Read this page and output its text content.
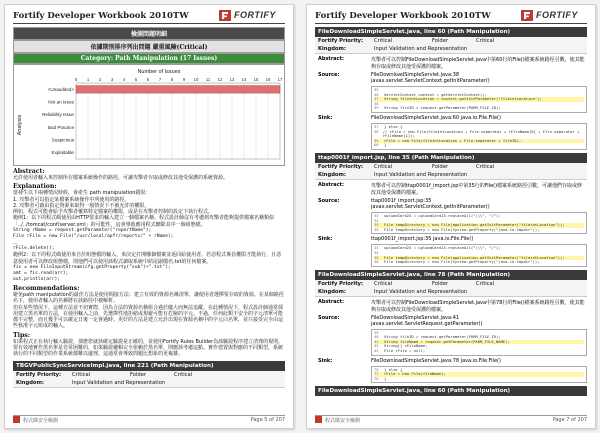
Fortify Developer Workbook 2010TW	FORTIFY
檢測問題明細
依據期別排序列出問題 嚴重風險(Critical)
Category: Path Manipulation (17 Issues)
Number of Issues
Analysis
0 1 2 3 4 5 6 7 8 9 10 11 12 13 14 15 16 17
<Unaudited>
Not an Issue
Reliability Issue
Bad Practice
Suspicious
Exploitable
Abstract:
允許使用者輸入來控制所在檔案系統操作的路徑，可讓攻擊者存取或修改其他受保護的系統資源。
Explanation:
當發生以下兩種情況時候，會產生 path manipulation錯誤：
1. 攻擊者可以指定某檔案系統操作中所使用的路徑。
2. 攻擊者可藉由指定資源來取得一般情況下不被允許的權限。
例如，程式可能會給予攻擊者覆寫特定檔案的權限，或是在攻擊者控制的設定下執行程式。
範例1：以下的程式碼使用由HTTP要求的輸入建立一個檔案名稱。程式設計師沒有考慮到攻擊者能夠提供檔案名稱類似「../../tomcat/conf/server.xml」的可能性，這會導致應用程式刪除其中一個組態檔。
String rName = request.getParameter("reportName");
File rFile = new File("/usr/local/apfr/reports/" + rName);
...
rFile.delete();
範例2：以下的程式碼使用來自於組態檔的輸入，來決定打開哪個檔案並返回給使用者。若惡程式專員權限才能執行，且惡意使用者可以修改組態檔，則他們可以使用該程式讀取系統中結尾副檔名.txt的任何檔案。
fis = new FileInputStream(cfg.getProperty("sub")+".txt");
amt = fis.read(arr);
out.println(arr);
Recommendations:
避免path manipulation的最佳方法是使用間接方法：建立有效的資源名稱清單，讓使用者選擇要存取的資源。在某個路徑名下，使用者輸入的名稱將在該路徑中被解析。
但在某些情況下，這種方法並不切實際，因為合法的資源名稱組合過於龐大而無法追蹤。在此種情況下，程式設計師通常採用建立黑名單的方法，在使用輸入之前，先選擇性地拒絕或規避可能有危險的字元。不過，任何此類不安全的字元清單可能都不完整，而且幾乎可以確定日後一定會過時。更好的方法是建立允許出現在資源名稱中的字元白名單，並只接受完全由這些核准字元組成的輸入。
Tips:
如果程式正在執行輸入驗證，那麼您就該確定驗證是正確的，並使用Fortify Rules Builder為該驗證程序建立清理的規則。
要有效地實作黑名單是非常困難的，如果驗證邏輯完全依賴於黑名單，則應該考慮這點。實作建置與對應的不同類型，系統執行的不同類型的作業系統都難以處理。這通常會導致問題比想象的更複雜。
TBGVPublicSyncServiceImpl.java, line 221 (Path Manipulation)
Fortify Priority:	Critical	Folder	Critical
Kingdom:	Input Validation and Representation
程式碼安全檢測	Page 5 of 207
Fortify Developer Workbook 2010TW	FORTIFY
FileDownloadSimpleServlet.java, line 60 (Path Manipulation)
Fortify Priority:	Critical	Folder	Critical
Kingdom:	Input Validation and Representation
Abstract:	攻擊者可以控制FileDownloadSimpleServlet.java中第60行的File()檔案系統路徑引數，使其能夠存取或修改其他受保護的檔案。
Source:	FileDownloadSimpleServlet.java:38
javax.servlet.ServletContext.getInitParameter()
35
36	ServletContext context = getServletContext();
37	String fileintLocation = context.getInitParameter("fileintLocation");
38
39	String fileID = request.getParameter(PARM_FILE_ID);
Sink:	FileDownloadSimpleServlet.java:60 java.io.File.File()
57	} else {
58	// rFile = new File(fileintLocation + File.separator + rFileName[0] + File.separator + rFileName[1]);
59	rFile = new File(fileintLocation + File.separator + fileID);
60	}
ttap0001f_import.jsp, line 35 (Path Manipulation)
Fortify Priority:	Critical	Folder	Critical
Kingdom:	Input Validation and Representation
Abstract:	攻擊者可以控制ttap0001f_import.jsp中第35行的File()檔案系統路徑引數，可讓他們存取或修改其他受保護的檔案。
Source:	ttap0001f_import.jsp:35
javax.servlet.ServletContext.getInitParameter()
33	uploadCard23 = uploadCard13.replaceAll("\\\", "/");
34
35	File tempDirectory = new File(application.getInitParameter("fileintLocation"));
36	File tempDirectory = new File(System.getProperty("java.io.tmpdir"));
Sink:	ttap0001f_import.jsp:35 java.io.File.File()
33	uploadCard23 = uploadCard13.replaceAll("\\\", "/");
34
35	File tempDirectory = new File(application.getInitParameter("fileintLocation"));
36	File tempDirectory = new File(System.getProperty("java.io.tmpdir"));
FileDownloadSimpleServlet.java, line 78 (Path Manipulation)
Fortify Priority:	Critical	Folder	Critical
Kingdom:	Input Validation and Representation
Abstract:	攻擊者可以控制FileDownloadSimpleServlet.java中第78行的File()檔案系統路徑引數，使其能夠存取或修改其他受保護的檔案。
Source:	FileDownloadSimpleServlet.java:41
javax.servlet.ServletRequest.getParameter()
39
40	String fileID = request.getParameter(PARM_FILE_ID);
41	String fileName = request.getParameter(PARM_FILE_NAME);
42	String[] rFileName;
43	File rFile = null;
Sink:	FileDownloadSimpleServlet.java:78 java.io.File.File()
76	} else {
77	rFile = new File(fileName);
78	}
FileDownloadSimpleServlet.java, line 60 (Path Manipulation)
程式碼安全檢測	Page 7 of 207
